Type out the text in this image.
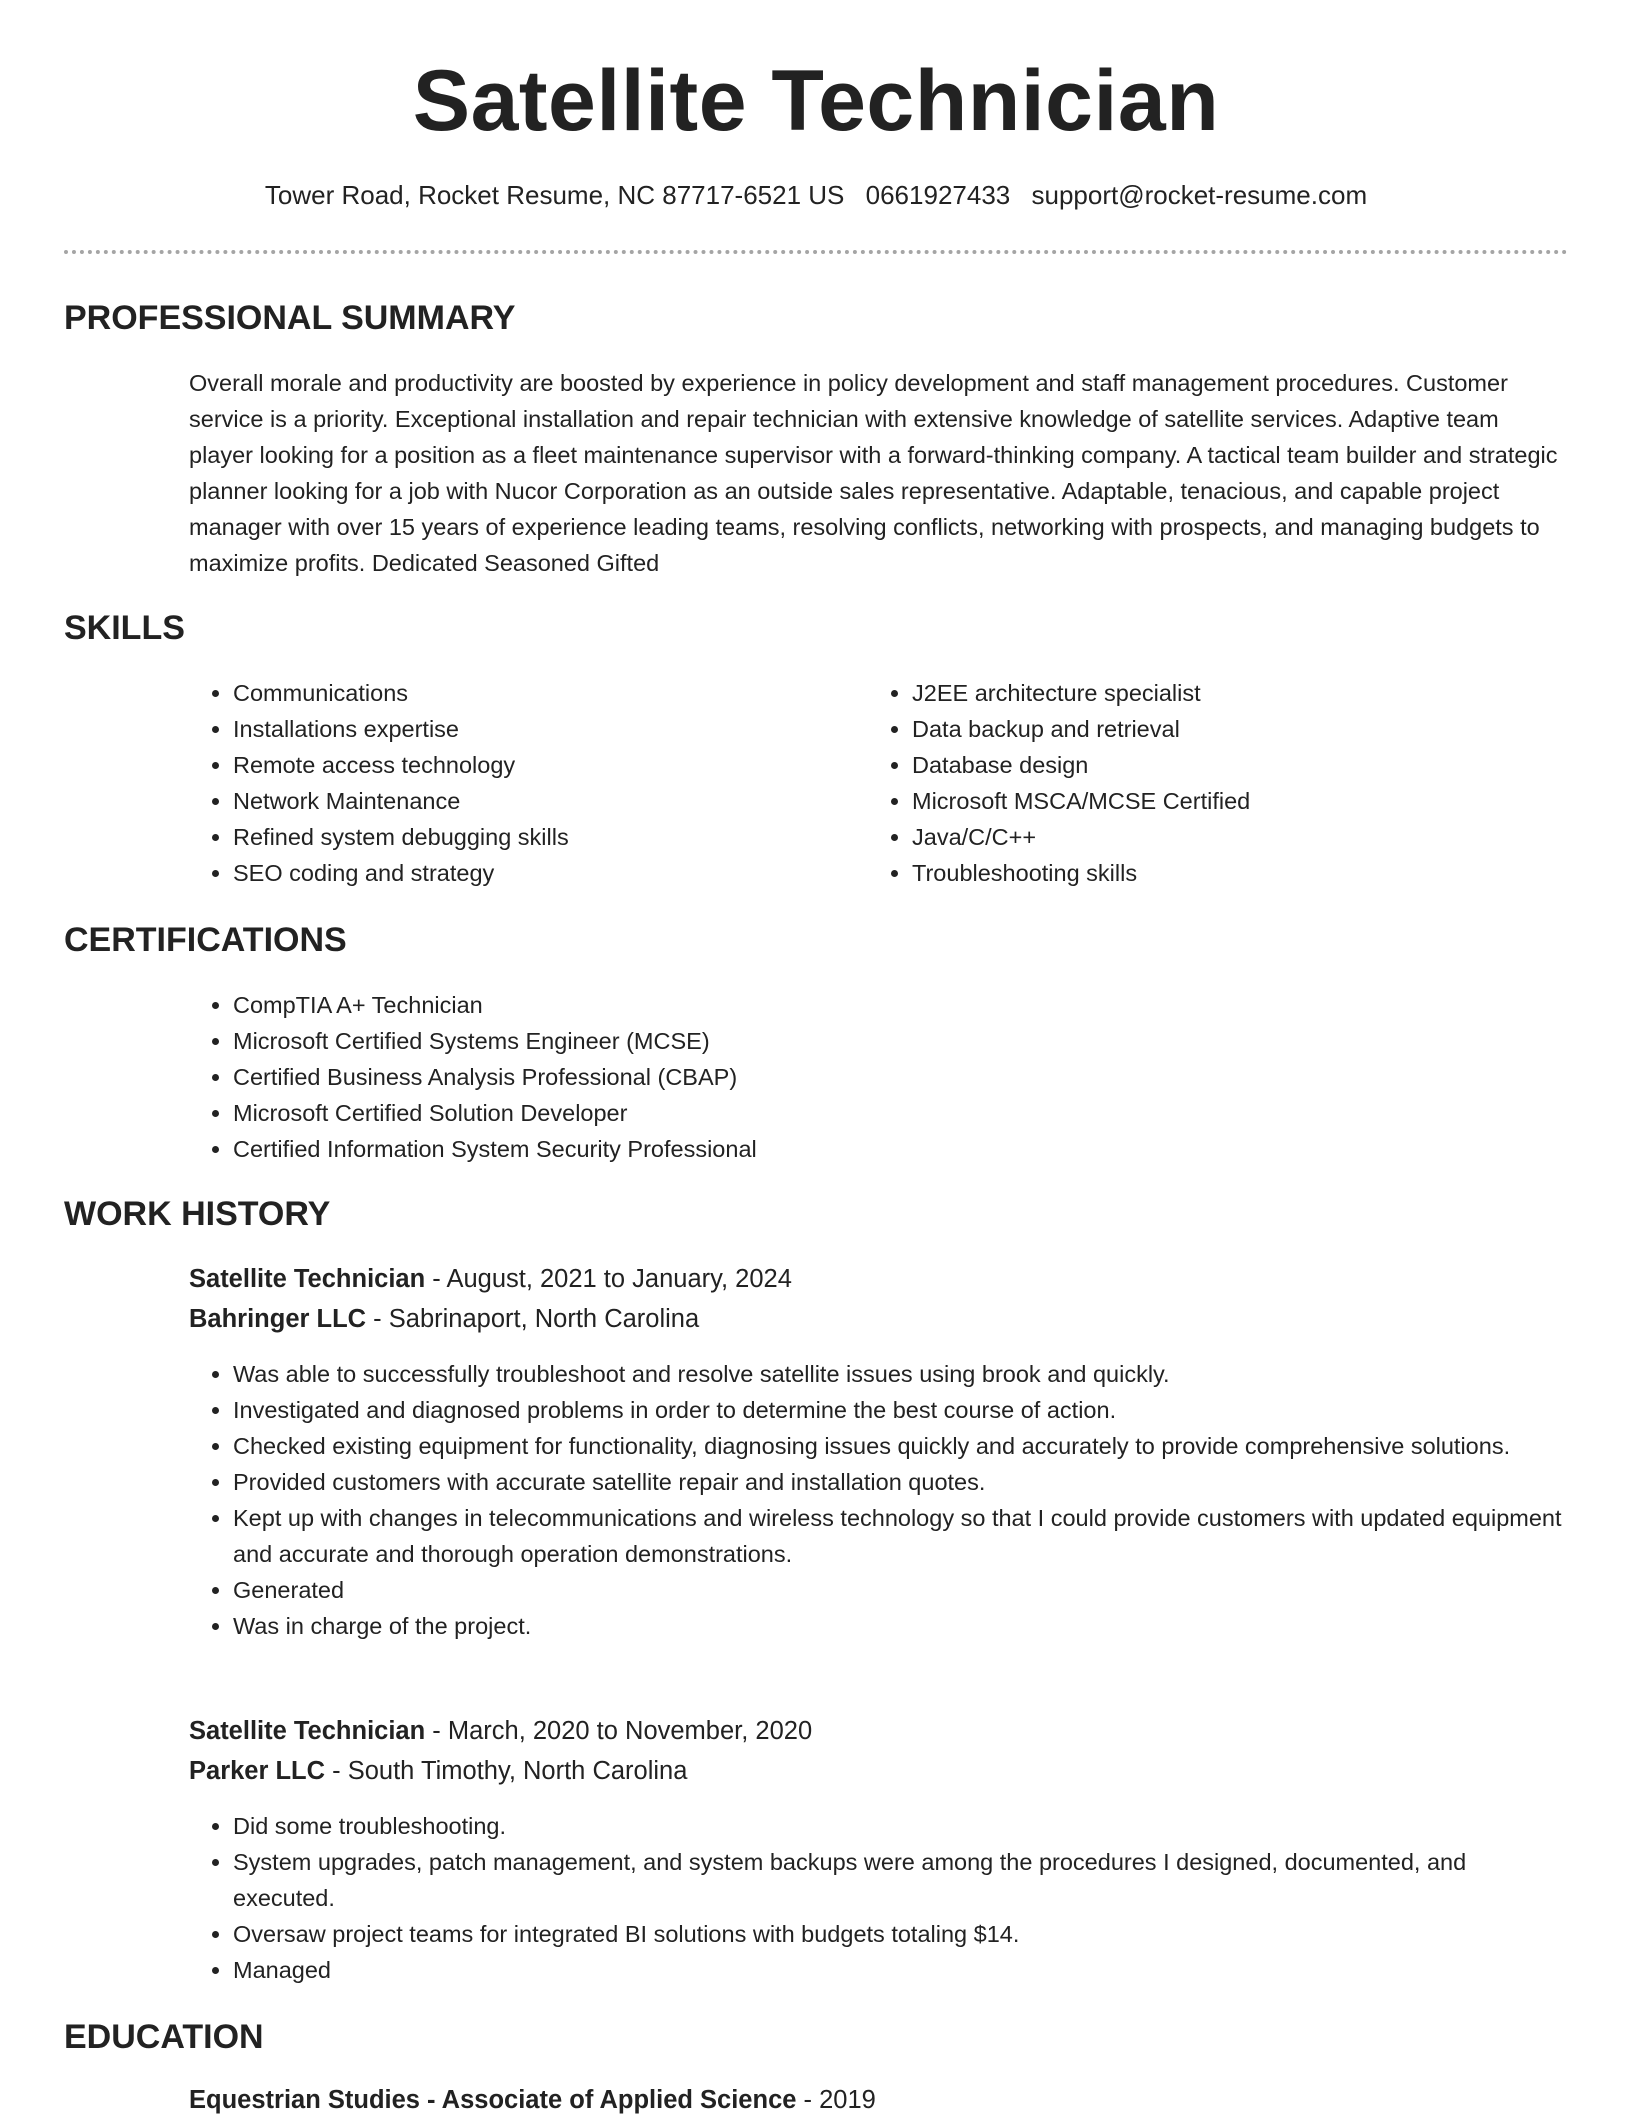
Satellite Technician
Tower Road, Rocket Resume, NC 87717-6521 US 0661927433 support@rocket-resume.com
PROFESSIONAL SUMMARY

Overall morale and productivity are boosted by experience in policy development and staff management procedures. Customer service is a priority. Exceptional installation and repair technician with extensive knowledge of satellite services. Adaptive team player looking for a position as a fleet maintenance supervisor with a forward-thinking company. A tactical team builder and strategic planner looking for a job with Nucor Corporation as an outside sales representative. Adaptable, tenacious, and capable project manager with over 15 years of experience leading teams, resolving conflicts, networking with prospects, and managing budgets to maximize profits. Dedicated Seasoned Gifted

SKILLS
• Communications
• Installations expertise
• Remote access technology
• Network Maintenance
• Refined system debugging skills
• SEO coding and strategy
• J2EE architecture specialist
• Data backup and retrieval
• Database design
• Microsoft MSCA/MCSE Certified
• Java/C/C++
• Troubleshooting skills
CERTIFICATIONS
• CompTIA A+ Technician
• Microsoft Certified Systems Engineer (MCSE)
• Certified Business Analysis Professional (CBAP)
• Microsoft Certified Solution Developer
• Certified Information System Security Professional
WORK HISTORY
Satellite Technician - August, 2021 to January, 2024
Bahringer LLC - Sabrinaport, North Carolina
• Was able to successfully troubleshoot and resolve satellite issues using brook and quickly.
• Investigated and diagnosed problems in order to determine the best course of action.
• Checked existing equipment for functionality, diagnosing issues quickly and accurately to provide comprehensive solutions.
• Provided customers with accurate satellite repair and installation quotes.
• Kept up with changes in telecommunications and wireless technology so that I could provide customers with updated equipment and accurate and thorough operation demonstrations.
• Generated
• Was in charge of the project.
Satellite Technician - March, 2020 to November, 2020
Parker LLC - South Timothy, North Carolina
• Did some troubleshooting.
• System upgrades, patch management, and system backups were among the procedures I designed, documented, and executed.
• Oversaw project teams for integrated BI solutions with budgets totaling $14.
• Managed
EDUCATION
Equestrian Studies - Associate of Applied Science - 2019
